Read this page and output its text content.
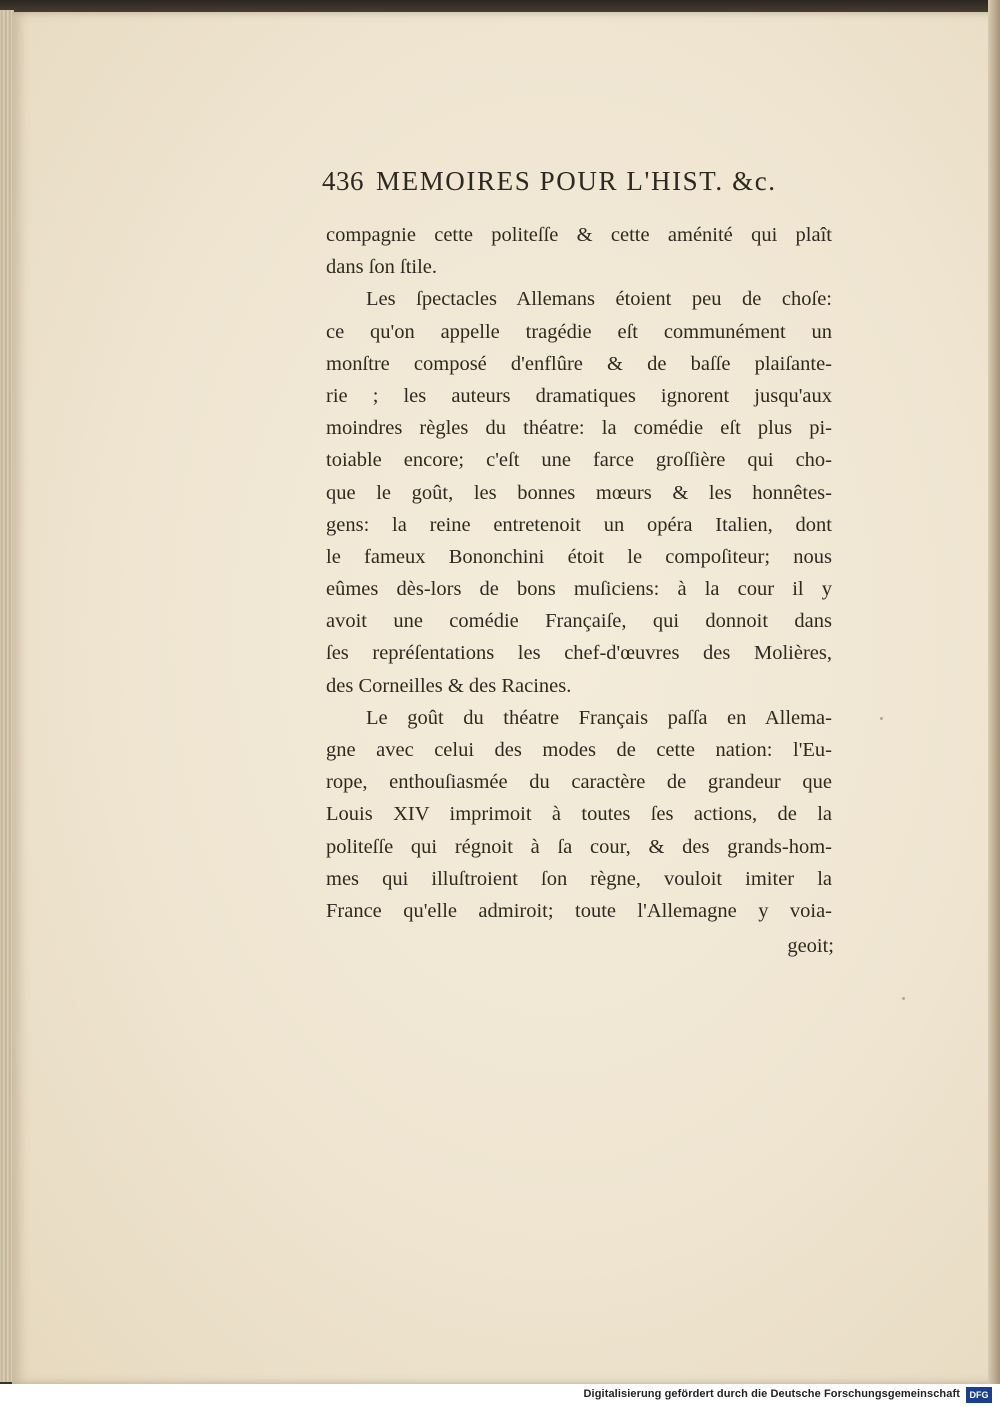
436 MEMOIRES POUR L'HIST. &c.
compagnie cette politeſſe & cette aménité qui plaît
dans ſon ſtile.
Les ſpectacles Allemans étoient peu de choſe:
ce qu'on appelle tragédie eſt communément un
monſtre composé d'enflûre & de baſſe plaiſante-
rie ; les auteurs dramatiques ignorent jusqu'aux
moindres règles du théatre: la comédie eſt plus pi-
toiable encore; c'eſt une farce groſſière qui cho-
que le goût, les bonnes mœurs & les honnêtes-
gens: la reine entretenoit un opéra Italien, dont
le fameux Bononchini étoit le compoſiteur; nous
eûmes dès-lors de bons muſiciens: à la cour il y
avoit une comédie Françaiſe, qui donnoit dans
ſes repréſentations les chef-d'œuvres des Molières,
des Corneilles & des Racines.
Le goût du théatre Français paſſa en Allema-
gne avec celui des modes de cette nation: l'Eu-
rope, enthouſiasmée du caractère de grandeur que
Louis XIV imprimoit à toutes ſes actions, de la
politeſſe qui régnoit à ſa cour, & des grands-hom-
mes qui illuſtroient ſon règne, vouloit imiter la
France qu'elle admiroit; toute l'Allemagne y voia-
geoit;
Digitalisierung gefördert durch die Deutsche Forschungsgemeinschaft	DFG
